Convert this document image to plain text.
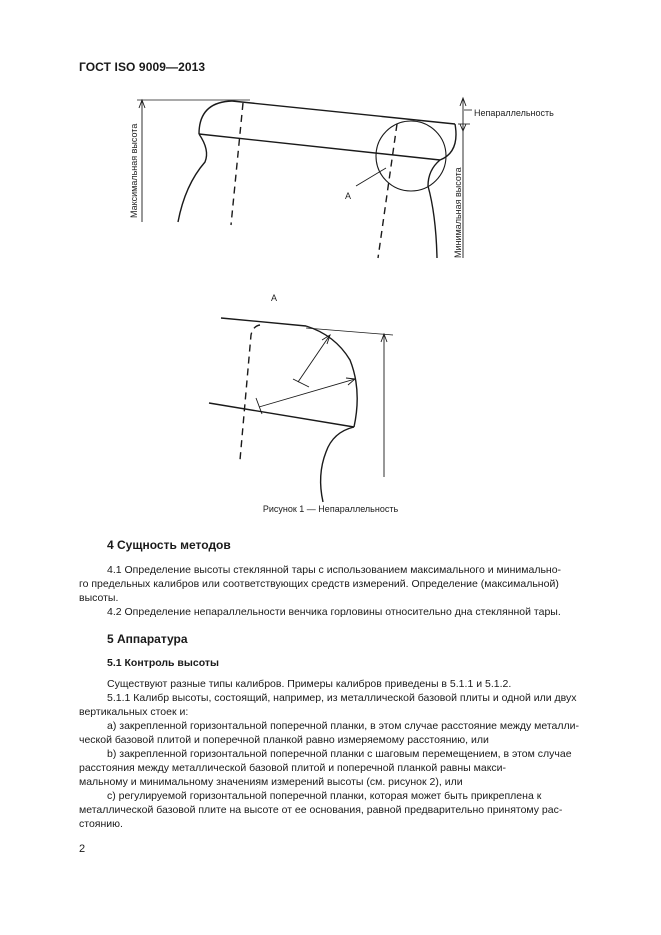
ГОСТ ISO 9009—2013
А
Непараллельность
Максимальная высота	Минимальная высота
А
Рисунок 1 — Непараллельность
4 Сущность методов
4.1 Определение высоты стеклянной тары с использованием максимального и минимально-
го предельных калибров или соответствующих средств измерений. Определение (максимальной)
высоты.
4.2 Определение непараллельности венчика горловины относительно дна стеклянной тары.
5 Аппаратура
5.1 Контроль высоты
Существуют разные типы калибров. Примеры калибров приведены в 5.1.1 и 5.1.2.
5.1.1 Калибр высоты, состоящий, например, из металлической базовой плиты и одной или двух
вертикальных стоек и:
а) закрепленной горизонтальной поперечной планки, в этом случае расстояние между металли-
ческой базовой плитой и поперечной планкой равно измеряемому расстоянию, или
b) закрепленной горизонтальной поперечной планки с шаговым перемещением, в этом случае
расстояния между металлической базовой плитой и поперечной планкой равны макси-
мальному и минимальному значениям измерений высоты (см. рисунок 2), или
с) регулируемой горизонтальной поперечной планки, которая может быть прикреплена к
металлической базовой плите на высоте от ее основания, равной предварительно принятому рас-
стоянию.
2
